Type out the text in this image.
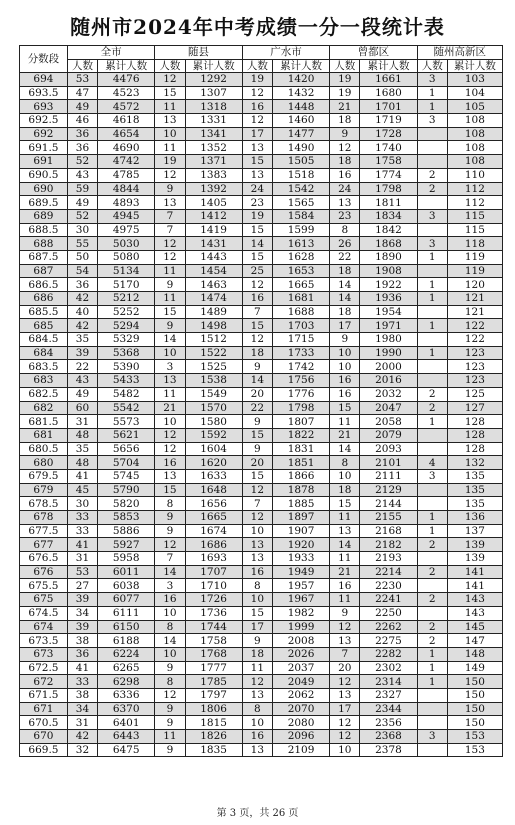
随州市2024年中考成绩一分一段统计表
分数段	全市		随县		广水市		曾都区		随州高新区	
	人数	累计人数	人数	累计人数	人数	累计人数	人数	累计人数	人数	累计人数
694	53	4476	12	1292	19	1420	19	1661	3	103
693.5	47	4523	15	1307	12	1432	19	1680	1	104
693	49	4572	11	1318	16	1448	21	1701	1	105
692.5	46	4618	13	1331	12	1460	18	1719	3	108
692	36	4654	10	1341	17	1477	9	1728		108
691.5	36	4690	11	1352	13	1490	12	1740		108
691	52	4742	19	1371	15	1505	18	1758		108
690.5	43	4785	12	1383	13	1518	16	1774	2	110
690	59	4844	9	1392	24	1542	24	1798	2	112
689.5	49	4893	13	1405	23	1565	13	1811		112
689	52	4945	7	1412	19	1584	23	1834	3	115
688.5	30	4975	7	1419	15	1599	8	1842		115
688	55	5030	12	1431	14	1613	26	1868	3	118
687.5	50	5080	12	1443	15	1628	22	1890	1	119
687	54	5134	11	1454	25	1653	18	1908		119
686.5	36	5170	9	1463	12	1665	14	1922	1	120
686	42	5212	11	1474	16	1681	14	1936	1	121
685.5	40	5252	15	1489	7	1688	18	1954		121
685	42	5294	9	1498	15	1703	17	1971	1	122
684.5	35	5329	14	1512	12	1715	9	1980		122
684	39	5368	10	1522	18	1733	10	1990	1	123
683.5	22	5390	3	1525	9	1742	10	2000		123
683	43	5433	13	1538	14	1756	16	2016		123
682.5	49	5482	11	1549	20	1776	16	2032	2	125
682	60	5542	21	1570	22	1798	15	2047	2	127
681.5	31	5573	10	1580	9	1807	11	2058	1	128
681	48	5621	12	1592	15	1822	21	2079		128
680.5	35	5656	12	1604	9	1831	14	2093		128
680	48	5704	16	1620	20	1851	8	2101	4	132
679.5	41	5745	13	1633	15	1866	10	2111	3	135
679	45	5790	15	1648	12	1878	18	2129		135
678.5	30	5820	8	1656	7	1885	15	2144		135
678	33	5853	9	1665	12	1897	11	2155	1	136
677.5	33	5886	9	1674	10	1907	13	2168	1	137
677	41	5927	12	1686	13	1920	14	2182	2	139
676.5	31	5958	7	1693	13	1933	11	2193		139
676	53	6011	14	1707	16	1949	21	2214	2	141
675.5	27	6038	3	1710	8	1957	16	2230		141
675	39	6077	16	1726	10	1967	11	2241	2	143
674.5	34	6111	10	1736	15	1982	9	2250		143
674	39	6150	8	1744	17	1999	12	2262	2	145
673.5	38	6188	14	1758	9	2008	13	2275	2	147
673	36	6224	10	1768	18	2026	7	2282	1	148
672.5	41	6265	9	1777	11	2037	20	2302	1	149
672	33	6298	8	1785	12	2049	12	2314	1	150
671.5	38	6336	12	1797	13	2062	13	2327		150
671	34	6370	9	1806	8	2070	17	2344		150
670.5	31	6401	9	1815	10	2080	12	2356		150
670	42	6443	11	1826	16	2096	12	2368	3	153
669.5	32	6475	9	1835	13	2109	10	2378		153
第 3 页，共 26 页
